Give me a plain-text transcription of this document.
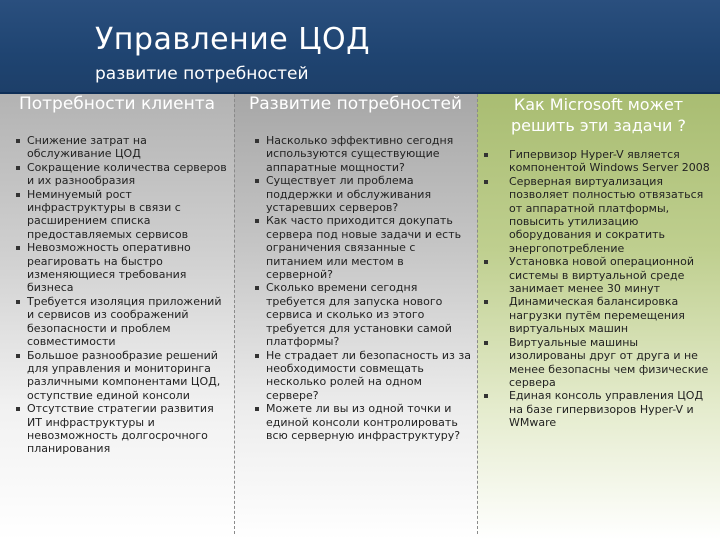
Управление ЦОД
развитие потребностей
Потребности клиента
Снижение затрат на обслуживание ЦОД
Сокращение количества серверов и их разнообразия
Неминуемый рост инфраструктуры в связи с расширением списка предоставляемых сервисов
Невозможность оперативно реагировать на быстро изменяющиеся требования бизнеса
Требуется изоляция приложений и сервисов из соображений безопасности и проблем совместимости
Большое разнообразие решений для управления и мониторинга различными компонентами ЦОД, оступствие единой консоли
Отсутствие стратегии развития ИТ инфраструктуры и невозможность долгосрочного планирования
Развитие потребностей
Насколько эффективно сегодня используются существующие аппаратные мощности?
Существует ли проблема поддержки и обслуживания устаревших серверов?
Как часто приходится докупать сервера под новые задачи и есть ограничения связанные с питанием или местом в серверной?
Сколько времени сегодня требуется для запуска нового сервиса и сколько из этого требуется для установки самой платформы?
Не страдает ли безопасность из за необходимости совмещать несколько ролей на одном сервере?
Можете ли вы из одной точки и единой консоли контролировать всю серверную инфраструктуру?
Как Microsoft может решить эти задачи ?
Гипервизор Hyper-V является компонентой Windows Server 2008
Серверная виртуализация позволяет полностью отвязаться от аппаратной платформы, повысить утилизацию оборудования и сократить энергопотребление
Установка новой операционной системы в виртуальной среде занимает менее 30 минут
Динамическая балансировка нагрузки путём перемещения виртуальных машин
Виртуальные машины изолированы друг от друга и не менее безопасны чем физические сервера
Единая консоль управления ЦОД на базе гипервизоров Hyper-V и WMware
